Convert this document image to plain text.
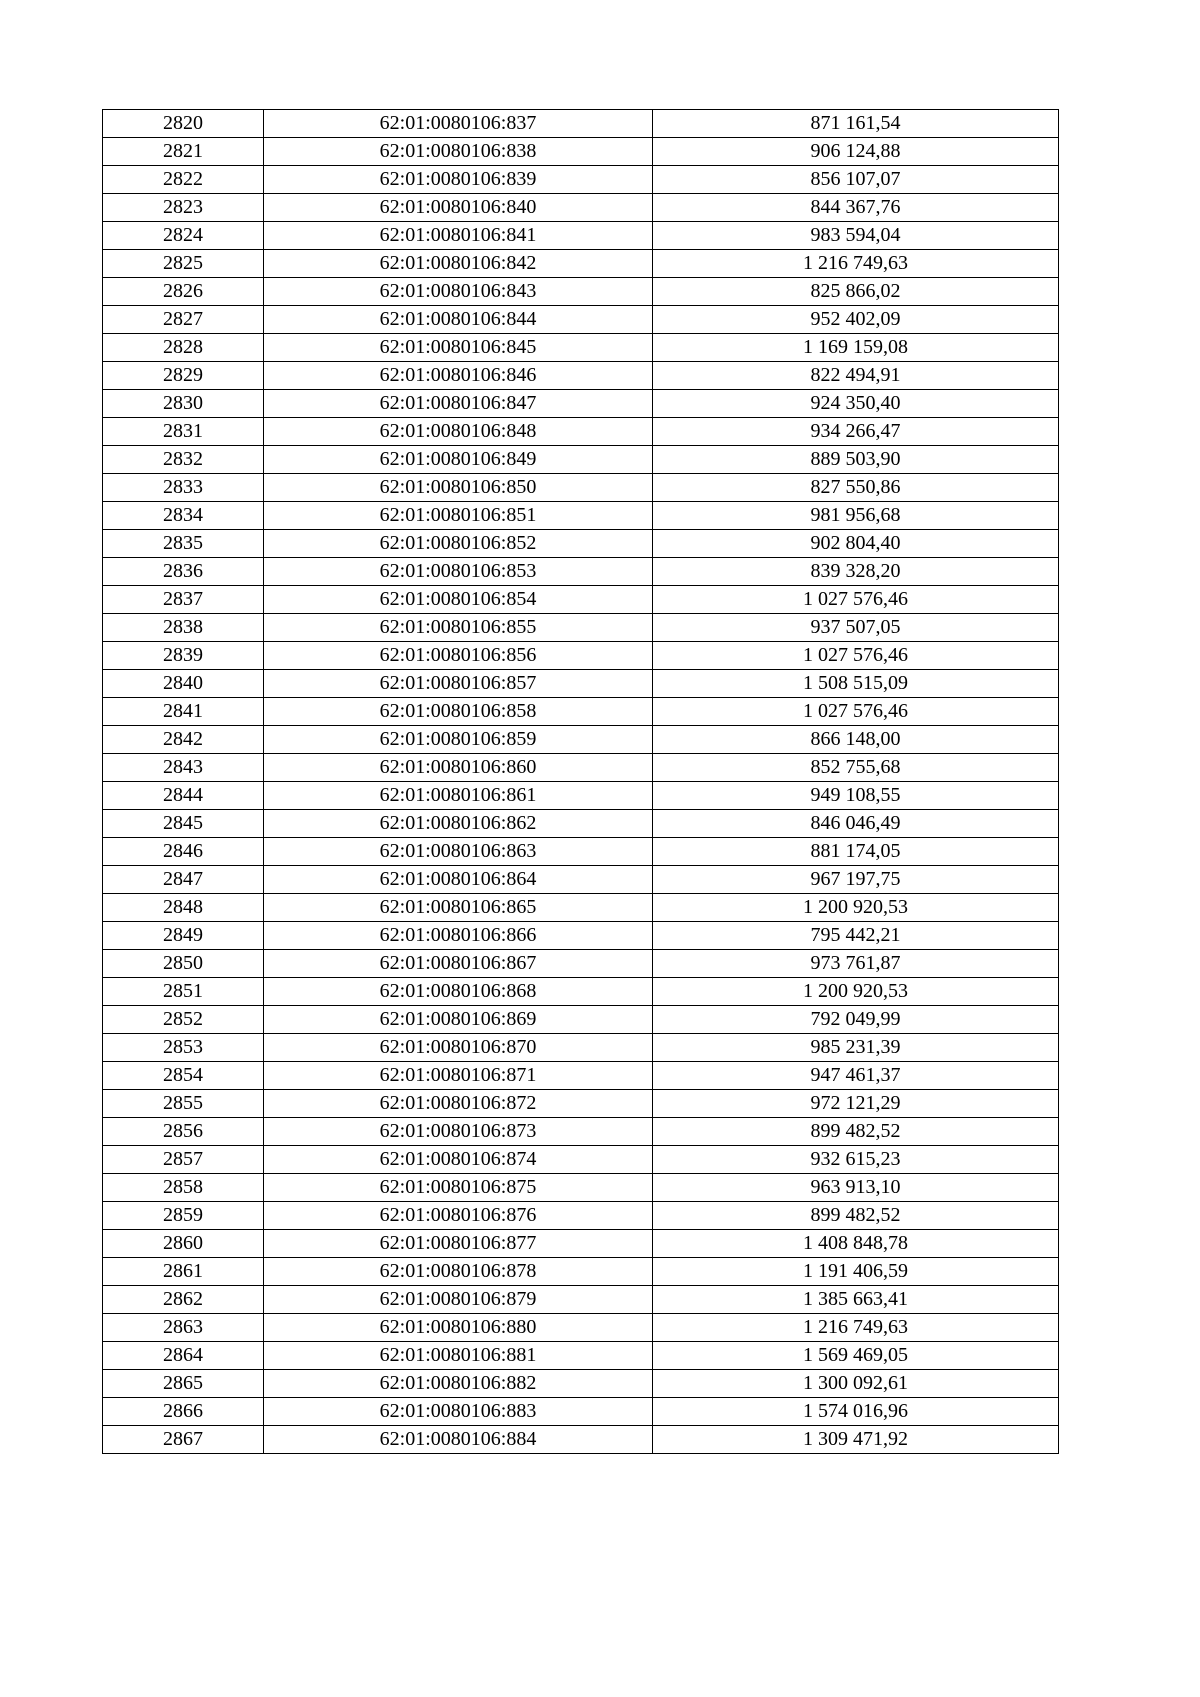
2820	62:01:0080106:837	871 161,54
2821	62:01:0080106:838	906 124,88
2822	62:01:0080106:839	856 107,07
2823	62:01:0080106:840	844 367,76
2824	62:01:0080106:841	983 594,04
2825	62:01:0080106:842	1 216 749,63
2826	62:01:0080106:843	825 866,02
2827	62:01:0080106:844	952 402,09
2828	62:01:0080106:845	1 169 159,08
2829	62:01:0080106:846	822 494,91
2830	62:01:0080106:847	924 350,40
2831	62:01:0080106:848	934 266,47
2832	62:01:0080106:849	889 503,90
2833	62:01:0080106:850	827 550,86
2834	62:01:0080106:851	981 956,68
2835	62:01:0080106:852	902 804,40
2836	62:01:0080106:853	839 328,20
2837	62:01:0080106:854	1 027 576,46
2838	62:01:0080106:855	937 507,05
2839	62:01:0080106:856	1 027 576,46
2840	62:01:0080106:857	1 508 515,09
2841	62:01:0080106:858	1 027 576,46
2842	62:01:0080106:859	866 148,00
2843	62:01:0080106:860	852 755,68
2844	62:01:0080106:861	949 108,55
2845	62:01:0080106:862	846 046,49
2846	62:01:0080106:863	881 174,05
2847	62:01:0080106:864	967 197,75
2848	62:01:0080106:865	1 200 920,53
2849	62:01:0080106:866	795 442,21
2850	62:01:0080106:867	973 761,87
2851	62:01:0080106:868	1 200 920,53
2852	62:01:0080106:869	792 049,99
2853	62:01:0080106:870	985 231,39
2854	62:01:0080106:871	947 461,37
2855	62:01:0080106:872	972 121,29
2856	62:01:0080106:873	899 482,52
2857	62:01:0080106:874	932 615,23
2858	62:01:0080106:875	963 913,10
2859	62:01:0080106:876	899 482,52
2860	62:01:0080106:877	1 408 848,78
2861	62:01:0080106:878	1 191 406,59
2862	62:01:0080106:879	1 385 663,41
2863	62:01:0080106:880	1 216 749,63
2864	62:01:0080106:881	1 569 469,05
2865	62:01:0080106:882	1 300 092,61
2866	62:01:0080106:883	1 574 016,96
2867	62:01:0080106:884	1 309 471,92
